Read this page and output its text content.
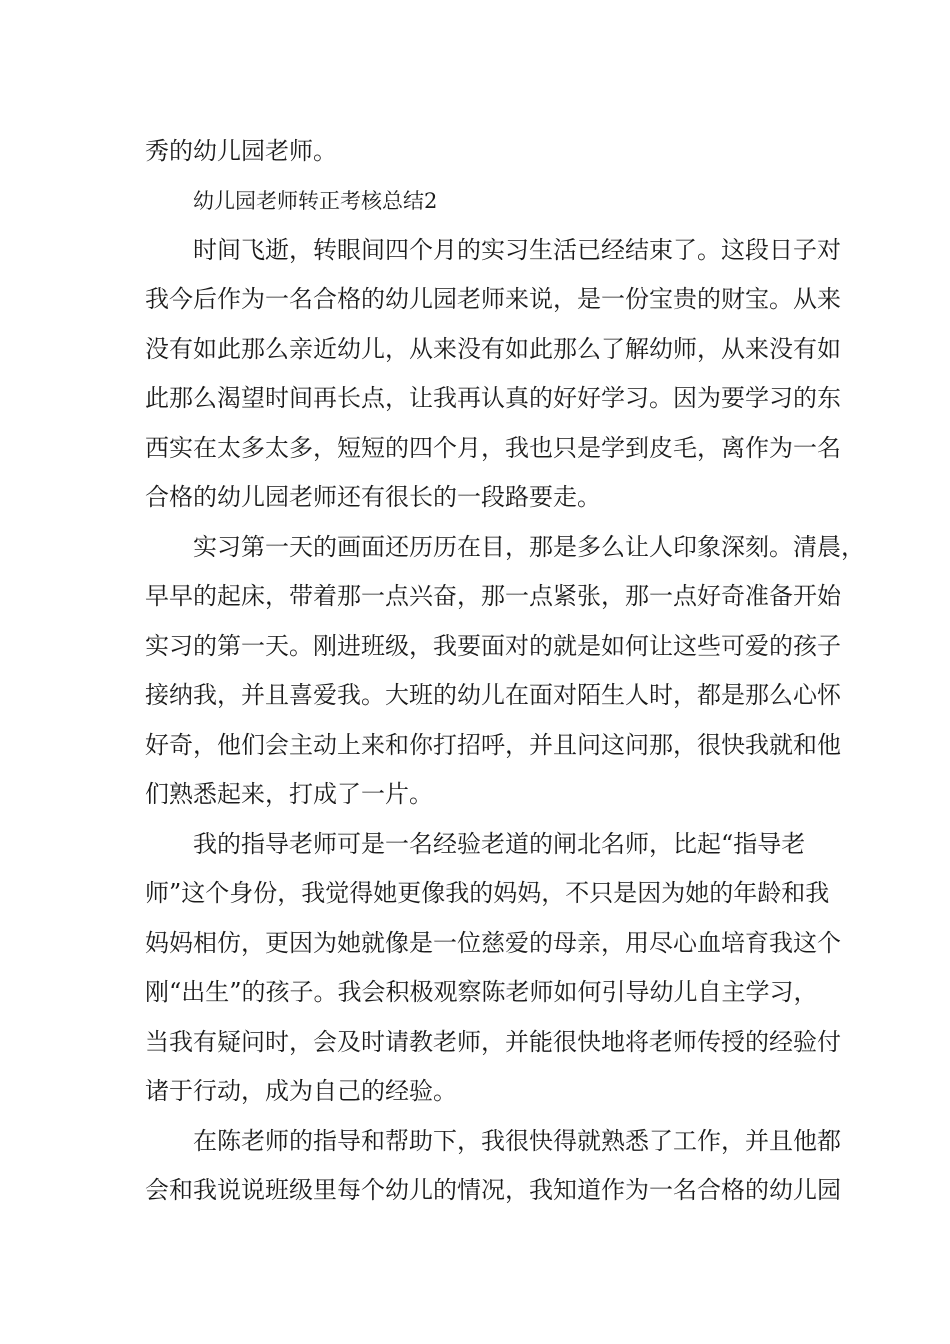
秀的幼儿园老师。
幼儿园老师转正考核总结2
时间飞逝，转眼间四个月的实习生活已经结束了。这段日子对
我今后作为一名合格的幼儿园老师来说，是一份宝贵的财宝。从来
没有如此那么亲近幼儿，从来没有如此那么了解幼师，从来没有如
此那么渴望时间再长点，让我再认真的好好学习。因为要学习的东
西实在太多太多，短短的四个月，我也只是学到皮毛，离作为一名
合格的幼儿园老师还有很长的一段路要走。
实习第一天的画面还历历在目，那是多么让人印象深刻。清晨，
早早的起床，带着那一点兴奋，那一点紧张，那一点好奇准备开始
实习的第一天。刚进班级，我要面对的就是如何让这些可爱的孩子
接纳我，并且喜爱我。大班的幼儿在面对陌生人时，都是那么心怀
好奇，他们会主动上来和你打招呼，并且问这问那，很快我就和他
们熟悉起来，打成了一片。
我的指导老师可是一名经验老道的闸北名师，比起“指导老
师”这个身份，我觉得她更像我的妈妈，不只是因为她的年龄和我
妈妈相仿，更因为她就像是一位慈爱的母亲，用尽心血培育我这个
刚“出生”的孩子。我会积极观察陈老师如何引导幼儿自主学习，
当我有疑问时，会及时请教老师，并能很快地将老师传授的经验付
诸于行动，成为自己的经验。
在陈老师的指导和帮助下，我很快得就熟悉了工作，并且他都
会和我说说班级里每个幼儿的情况，我知道作为一名合格的幼儿园
